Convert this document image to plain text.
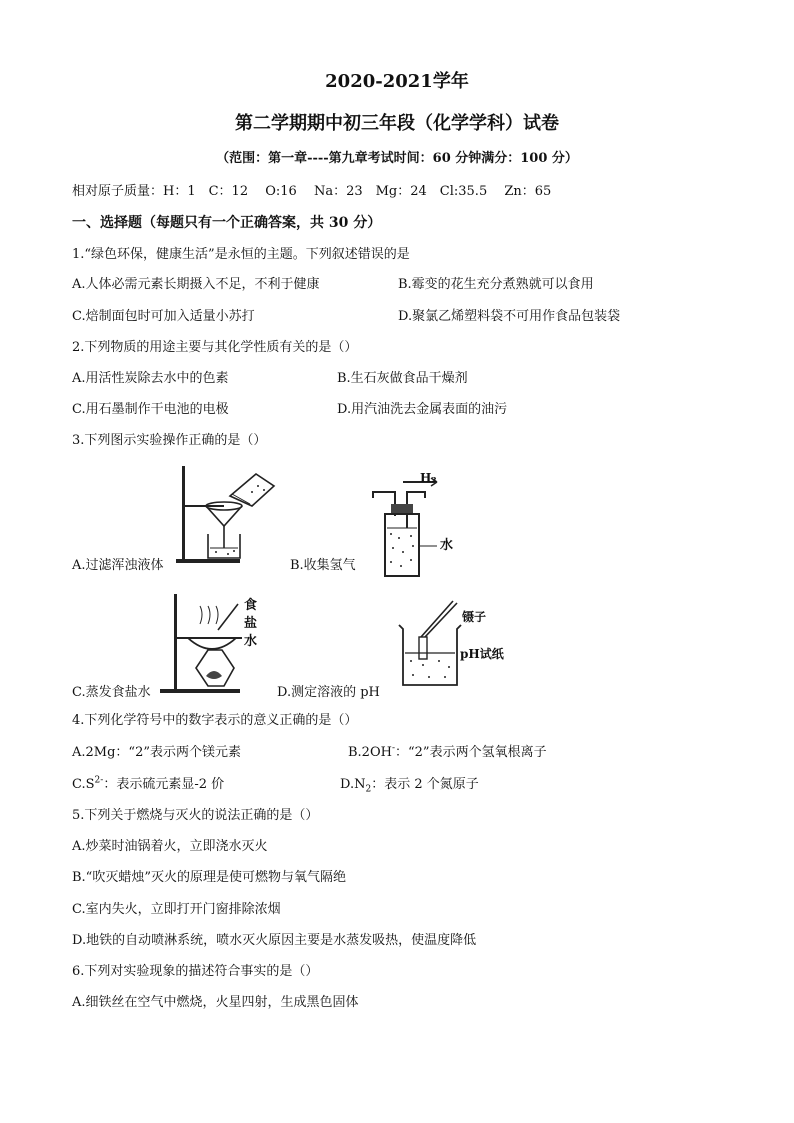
2020-2021学年
第二学期期中初三年段（化学学科）试卷
（范围：第一章----第九章考试时间：60 分钟满分：100 分）
相对原子质量：H：1　C：12　 O:16　 Na：23　Mg：24　Cl:35.5　 Zn：65
一、选择题（每题只有一个正确答案，共 30 分）
1.“绿色环保，健康生活”是永恒的主题。下列叙述错误的是
A.人体必需元素长期摄入不足，不利于健康	B.霉变的花生充分煮熟就可以食用
C.焙制面包时可加入适量小苏打	D.聚氯乙烯塑料袋不可用作食品包装袋
2.下列物质的用途主要与其化学性质有关的是（）
A.用活性炭除去水中的色素	B.生石灰做食品干燥剂
C.用石墨制作干电池的电极	D.用汽油洗去金属表面的油污
3.下列图示实验操作正确的是（）
A.过滤浑浊液体
H₂
水
B.收集氢气
食
盐
水
C.蒸发食盐水
镊子
pH试纸
D.测定溶液的 pH
4.下列化学符号中的数字表示的意义正确的是（）
A.2Mg：“2”表示两个镁元素	B.2OH-：“2”表示两个氢氧根离子
$C.S^{2-}$：表示硫元素显-2 价	$D.N_2$：表示 2 个氮原子
5.下列关于燃烧与灭火的说法正确的是（）
A.炒菜时油锅着火，立即浇水灭火
B.“吹灭蜡烛”灭火的原理是使可燃物与氧气隔绝
C.室内失火，立即打开门窗排除浓烟
D.地铁的自动喷淋系统，喷水灭火原因主要是水蒸发吸热，使温度降低
6.下列对实验现象的描述符合事实的是（）
A.细铁丝在空气中燃烧，火星四射，生成黑色固体
